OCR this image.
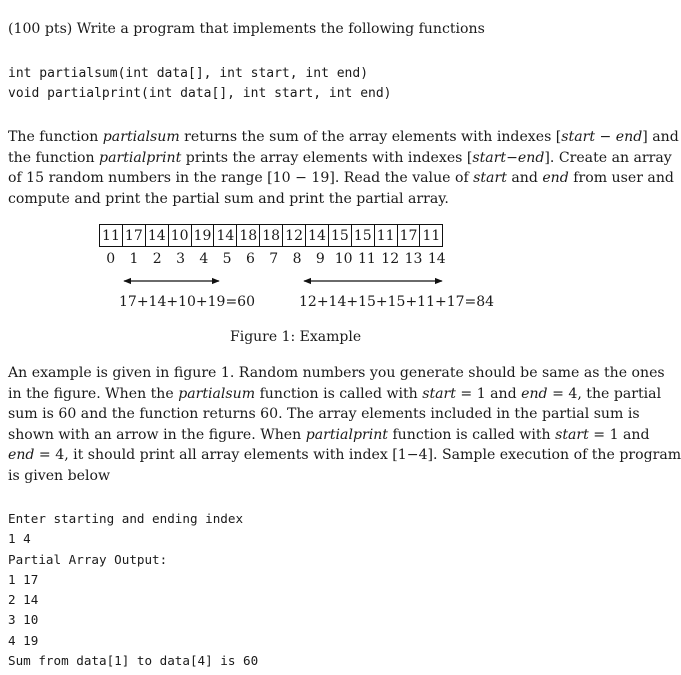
(100 pts) Write a program that implements the following functions
int partialsum(int data[], int start, int end)
void partialprint(int data[], int start, int end)
The function partialsum returns the sum of the array elements with indexes [start − end] and
the function partialprint prints the array elements with indexes [start−end]. Create an array
of 15 random numbers in the range [10 − 19]. Read the value of start and end from user and
compute and print the partial sum and print the partial array.
11	17	14	10	19	14	18	18	12	14	15	15	11	17	11
0	1	2	3	4	5	6	7	8	9 10 11 12 13 14
17+14+10+19=60	12+14+15+15+11+17=84
Figure 1: Example
An example is given in figure 1. Random numbers you generate should be same as the ones
in the figure. When the partialsum function is called with start = 1 and end = 4, the partial
sum is 60 and the function returns 60. The array elements included in the partial sum is
shown with an arrow in the figure. When partialprint function is called with start = 1 and
end = 4, it should print all array elements with index [1−4]. Sample execution of the program
is given below
Enter starting and ending index
1 4
Partial Array Output:
1 17
2 14
3 10
4 19
Sum from data[1] to data[4] is 60
